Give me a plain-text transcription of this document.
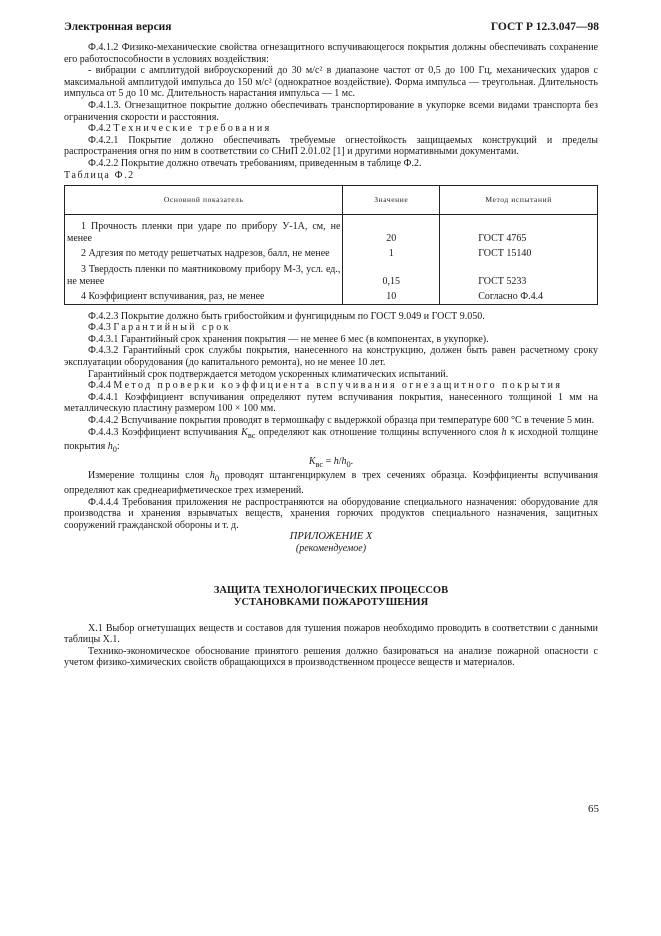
Электронная версия	ГОСТ Р 12.3.047—98

Ф.4.1.2 Физико-механические свойства огнезащитного вспучивающегося покрытия должны обеспечивать сохранение его работоспособности в условиях воздействия:

- вибрации с амплитудой виброускорений до 30 м/с² в диапазоне частот от 0,5 до 100 Гц, механических ударов с максимальной амплитудой импульса до 150 м/с² (однократное воздействие). Форма импульса — треугольная. Длительность импульса от 5 до 10 мс. Длительность нарастания импульса — 1 мс.

Ф.4.1.3. Огнезащитное покрытие должно обеспечивать транспортирование в укупорке всеми видами транспорта без ограничения скорости и расстояния.

Ф.4.2 Технические требования

Ф.4.2.1 Покрытие должно обеспечивать требуемые огнестойкость защищаемых конструкций и пределы распространения огня по ним в соответствии со СНиП 2.01.02 [1] и другими нормативными документами.

Ф.4.2.2 Покрытие должно отвечать требованиям, приведенным в таблице Ф.2.

Таблица Ф.2

Основной показатель	Значение	Метод испытаний
1 Прочность пленки при ударе по прибору У-1А, см, не менее	20	ГОСТ 4765
2 Адгезия по методу решетчатых надрезов, балл, не менее	1	ГОСТ 15140
3 Твердость пленки по маятниковому прибору М-3, усл. ед., не менее	0,15	ГОСТ 5233
4 Коэффициент вспучивания, раз, не менее	10	Согласно Ф.4.4

Ф.4.2.3 Покрытие должно быть грибостойким и фунгицидным по ГОСТ 9.049 и ГОСТ 9.050.

Ф.4.3 Гарантийный срок

Ф.4.3.1 Гарантийный срок хранения покрытия — не менее 6 мес (в компонентах, в укупорке).

Ф.4.3.2 Гарантийный срок службы покрытия, нанесенного на конструкцию, должен быть равен расчетному сроку эксплуатации оборудования (до капитального ремонта), но не менее 10 лет.

Гарантийный срок подтверждается методом ускоренных климатических испытаний.

Ф.4.4 Метод проверки коэффициента вспучивания огнезащитного покрытия

Ф.4.4.1 Коэффициент вспучивания определяют путем вспучивания покрытия, нанесенного толщиной 1 мм на металлическую пластину размером 100 × 100 мм.

Ф.4.4.2 Вспучивание покрытия проводят в термошкафу с выдержкой образца при температуре 600 °С в течение 5 мин.

Ф.4.4.3 Коэффициент вспучивания $K_{вс}$ определяют как отношение толщины вспученного слоя h к исходной толщине покрытия $h_0$:

$K_{вс} = h/h_0$.

Измерение толщины слоя $h_0$ проводят штангенциркулем в трех сечениях образца. Коэффициенты вспучивания определяют как среднеарифметическое трех измерений.

Ф.4.4.4 Требования приложения не распространяются на оборудование специального назначения: оборудование для производства и хранения взрывчатых веществ, хранения горючих продуктов специального назначения, защитных сооружений гражданской обороны и т. д.

ПРИЛОЖЕНИЕ Х

(рекомендуемое)

ЗАЩИТА ТЕХНОЛОГИЧЕСКИХ ПРОЦЕССОВ

УСТАНОВКАМИ ПОЖАРОТУШЕНИЯ

Х.1 Выбор огнетушащих веществ и составов для тушения пожаров необходимо проводить в соответствии с данными таблицы Х.1.

Технико-экономическое обоснование принятого решения должно базироваться на анализе пожарной опасности с учетом физико-химических свойств обращающихся в производственном процессе веществ и материалов.

65
